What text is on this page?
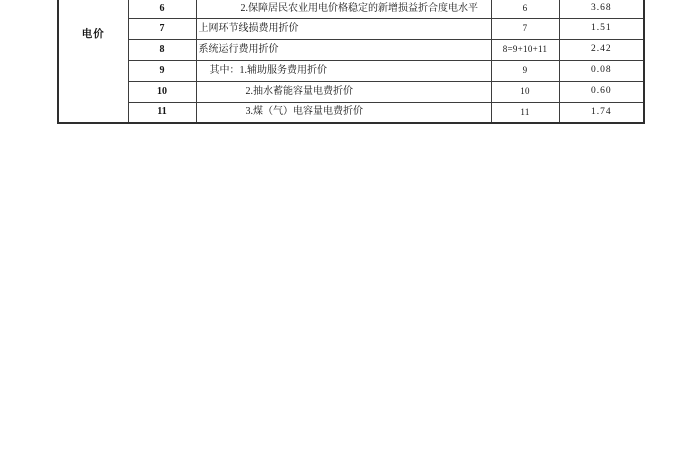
电价	6	2.保障居民农业用电价格稳定的新增损益折合度电水平	6	3.68
	7	上网环节线损费用折价	7	1.51
	8	系统运行费用折价	8=9+10+11	2.42
	9	其中：1.辅助服务费用折价	9	0.08
	10	2.抽水蓄能容量电费折价	10	0.60
	11	3.煤（气）电容量电费折价	11	1.74
